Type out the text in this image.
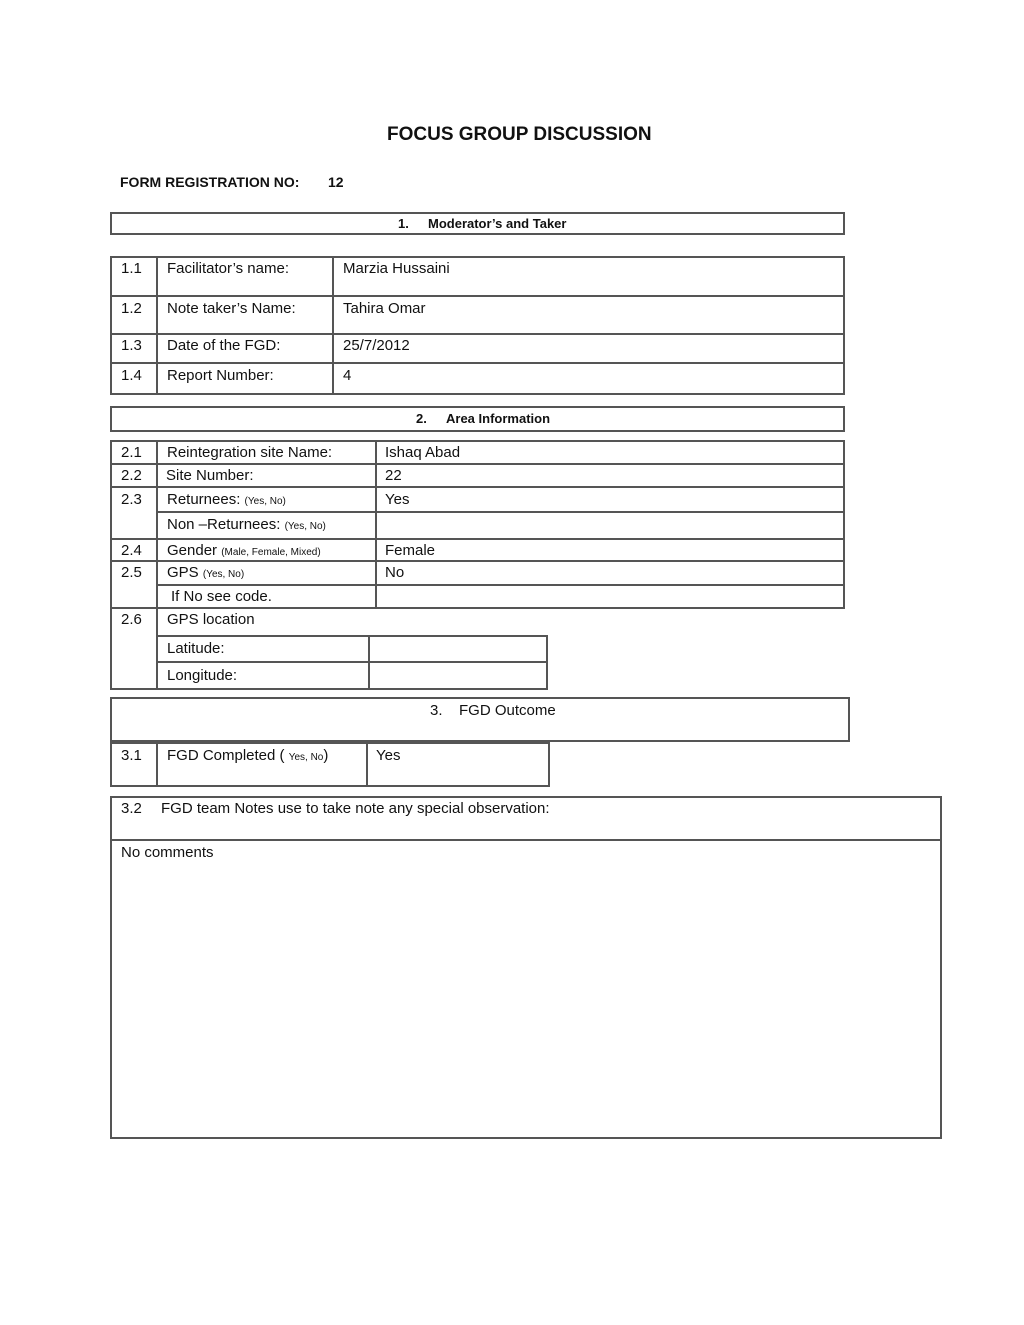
FOCUS GROUP DISCUSSION
FORM REGISTRATION NO: 12
1. Moderator’s and Taker
1.1 Facilitator’s name:	Marzia Hussaini
1.2 Note taker’s Name:	Tahira Omar
1.3 Date of the FGD:	25/7/2012
1.4 Report Number:	4
2. Area Information
2.1 Reintegration site Name:	Ishaq Abad
2.2 Site Number:	22
2.3 Returnees: (Yes, No)	Yes
Non –Returnees: (Yes, No)
2.4 Gender (Male, Female, Mixed)	Female
2.5 GPS (Yes, No)	No
If No see code.
2.6 GPS location
Latitude:
Longitude:
3. FGD Outcome
3.1 FGD Completed ( Yes, No)	Yes
3.2 FGD team Notes use to take note any special observation:
No comments
